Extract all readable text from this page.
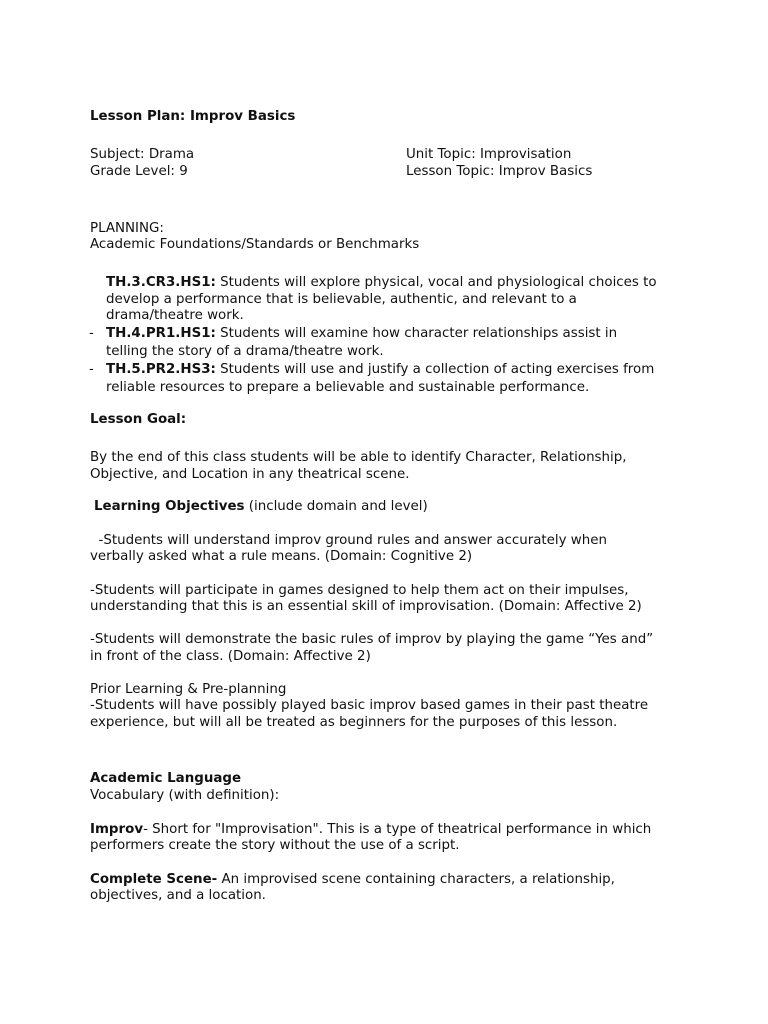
Lesson Plan: Improv Basics
Subject: Drama	Unit Topic: Improvisation
Grade Level: 9	Lesson Topic: Improv Basics
PLANNING:
Academic Foundations/Standards or Benchmarks
TH.3.CR3.HS1: Students will explore physical, vocal and physiological choices to
develop a performance that is believable, authentic, and relevant to a
drama/theatre work.
- TH.4.PR1.HS1: Students will examine how character relationships assist in
telling the story of a drama/theatre work.
- TH.5.PR2.HS3: Students will use and justify a collection of acting exercises from
reliable resources to prepare a believable and sustainable performance.
Lesson Goal:
By the end of this class students will be able to identify Character, Relationship,
Objective, and Location in any theatrical scene.
Learning Objectives (include domain and level)
-Students will understand improv ground rules and answer accurately when
verbally asked what a rule means. (Domain: Cognitive 2)
-Students will participate in games designed to help them act on their impulses,
understanding that this is an essential skill of improvisation. (Domain: Affective 2)
-Students will demonstrate the basic rules of improv by playing the game “Yes and”
in front of the class. (Domain: Affective 2)
Prior Learning & Pre-planning
-Students will have possibly played basic improv based games in their past theatre
experience, but will all be treated as beginners for the purposes of this lesson.
Academic Language
Vocabulary (with definition):
Improv- Short for "Improvisation". This is a type of theatrical performance in which
performers create the story without the use of a script.
Complete Scene- An improvised scene containing characters, a relationship,
objectives, and a location.
